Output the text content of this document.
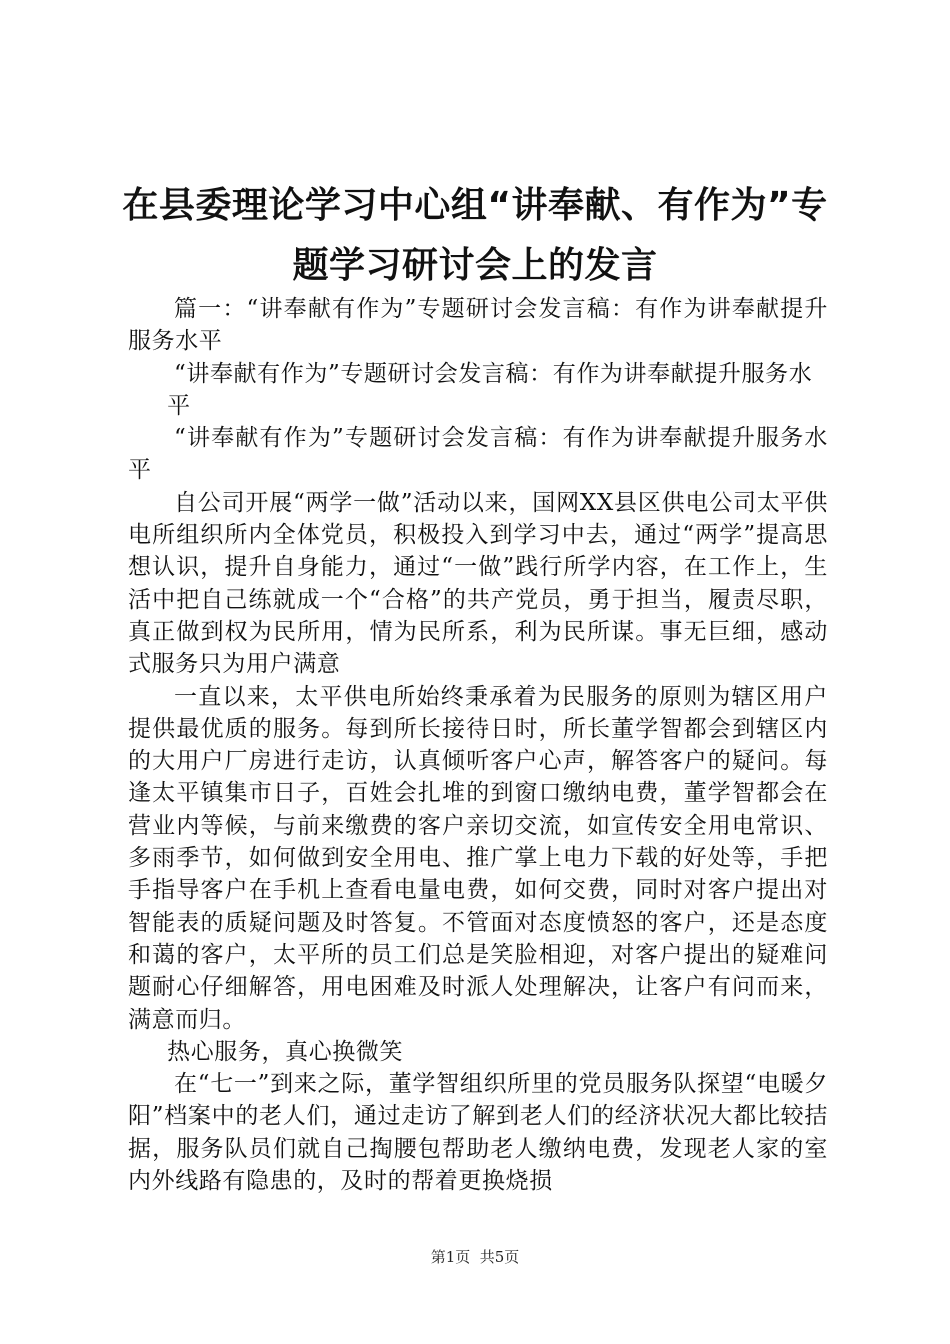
在县委理论学习中心组“讲奉献、有作为”专
题学习研讨会上的发言

篇一：“讲奉献有作为”专题研讨会发言稿：有作为讲奉献提升服务水平

“讲奉献有作为”专题研讨会发言稿：有作为讲奉献提升服务水

平

“讲奉献有作为”专题研讨会发言稿：有作为讲奉献提升服务水平

自公司开展“两学一做”活动以来，国网XX县区供电公司太平供电所组织所内全体党员，积极投入到学习中去，通过“两学”提高思想认识，提升自身能力，通过“一做”践行所学内容，在工作上，生活中把自己练就成一个“合格”的共产党员，勇于担当，履责尽职，真正做到权为民所用，情为民所系，利为民所谋。事无巨细，感动式服务只为用户满意

一直以来，太平供电所始终秉承着为民服务的原则为辖区用户提供最优质的服务。每到所长接待日时，所长董学智都会到辖区内的大用户厂房进行走访，认真倾听客户心声，解答客户的疑问。每逢太平镇集市日子，百姓会扎堆的到窗口缴纳电费，董学智都会在营业内等候，与前来缴费的客户亲切交流，如宣传安全用电常识、多雨季节，如何做到安全用电、推广掌上电力下载的好处等，手把手指导客户在手机上查看电量电费，如何交费，同时对客户提出对智能表的质疑问题及时答复。不管面对态度愤怒的客户，还是态度和蔼的客户，太平所的员工们总是笑脸相迎，对客户提出的疑难问题耐心仔细解答，用电困难及时派人处理解决，让客户有问而来，满意而归。

热心服务，真心换微笑

在“七一”到来之际，董学智组织所里的党员服务队探望“电暖夕阳”档案中的老人们，通过走访了解到老人们的经济状况大都比较拮据，服务队员们就自己掏腰包帮助老人缴纳电费，发现老人家的室内外线路有隐患的，及时的帮着更换烧损

第1页  共5页
